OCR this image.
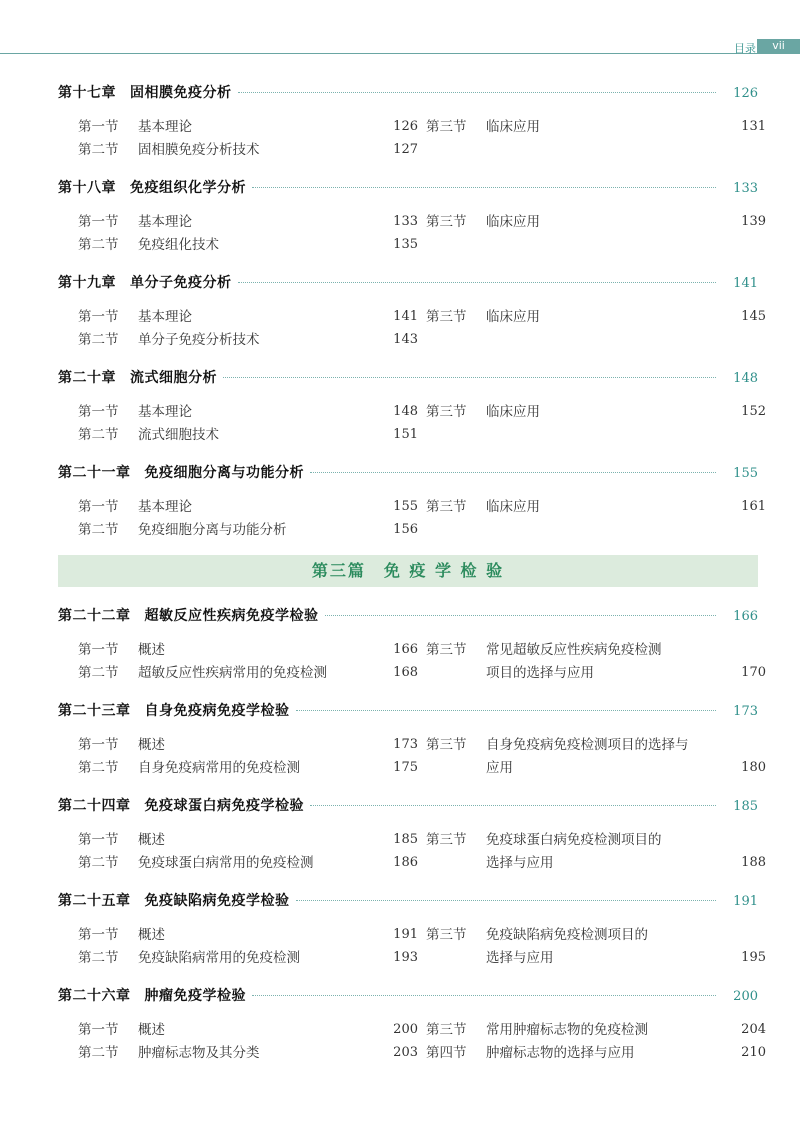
目录	vii
第十七章 固相膜免疫分析	126
第一节	基本理论	126
第二节	固相膜免疫分析技术	127
第三节	临床应用	131
第十八章 免疫组织化学分析	133
第一节	基本理论	133
第二节	免疫组化技术	135
第三节	临床应用	139
第十九章 单分子免疫分析	141
第一节	基本理论	141
第二节	单分子免疫分析技术	143
第三节	临床应用	145
第二十章 流式细胞分析	148
第一节	基本理论	148
第二节	流式细胞技术	151
第三节	临床应用	152
第二十一章 免疫细胞分离与功能分析	155
第一节	基本理论	155
第二节	免疫细胞分离与功能分析	156
第三节	临床应用	161
第三篇　免 疫 学 检 验
第二十二章 超敏反应性疾病免疫学检验	166
第一节	概述	166
第二节	超敏反应性疾病常用的免疫检测	168
第三节	常见超敏反应性疾病免疫检测
项目的选择与应用	170
第二十三章 自身免疫病免疫学检验	173
第一节	概述	173
第二节	自身免疫病常用的免疫检测	175
第三节	自身免疫病免疫检测项目的选择与
应用	180
第二十四章 免疫球蛋白病免疫学检验	185
第一节	概述	185
第二节	免疫球蛋白病常用的免疫检测	186
第三节	免疫球蛋白病免疫检测项目的
选择与应用	188
第二十五章 免疫缺陷病免疫学检验	191
第一节	概述	191
第二节	免疫缺陷病常用的免疫检测	193
第三节	免疫缺陷病免疫检测项目的
选择与应用	195
第二十六章 肿瘤免疫学检验	200
第一节	概述	200
第二节	肿瘤标志物及其分类	203
第三节	常用肿瘤标志物的免疫检测	204
第四节	肿瘤标志物的选择与应用	210
